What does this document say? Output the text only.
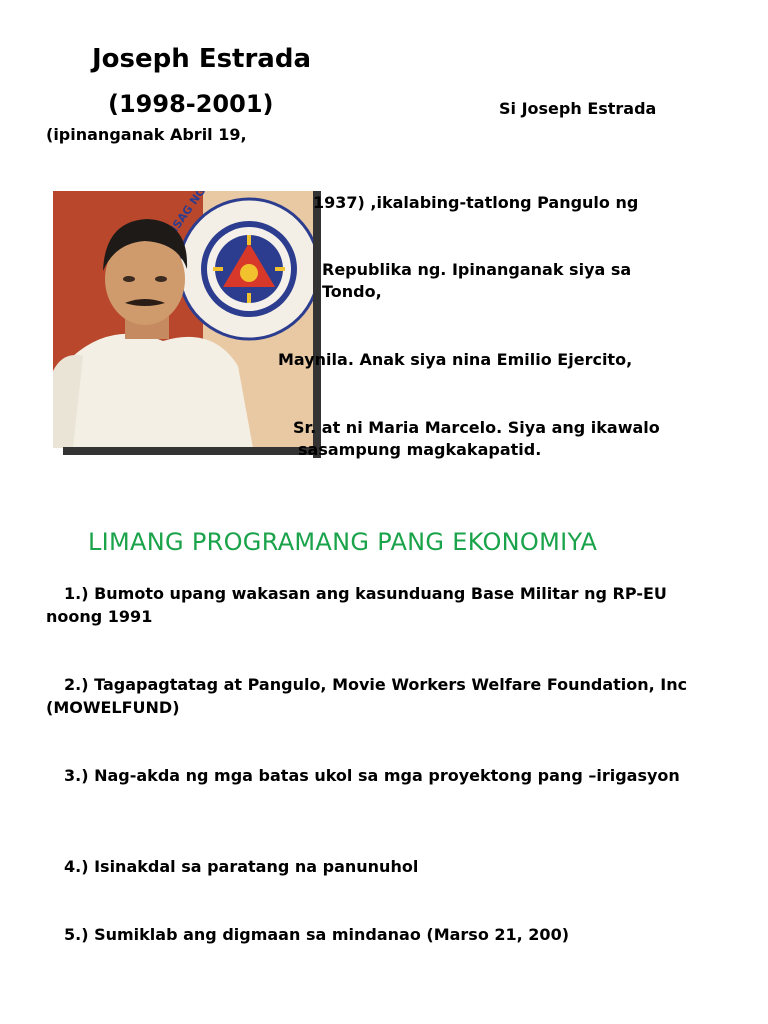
Joseph Estrada
(1998-2001)	Si Joseph Estrada
(ipinanganak Abril 19,
NG	1937) ,ikalabing-tatlong Pangulo ng
Republika ng. Ipinanganak siya sa
Tondo,
Maynila. Anak siya nina Emilio Ejercito,
Sr. at ni Maria Marcelo. Siya ang ikawalo
sasampung magkakapatid.
LIMANG PROGRAMANG PANG EKONOMIYA
1.) Bumoto upang wakasan ang kasunduang Base Militar ng RP-EU noong 1991
2.) Tagapagtatag at Pangulo, Movie Workers Welfare Foundation, Inc (MOWELFUND)
3.) Nag-akda ng mga batas ukol sa mga proyektong pang –irigasyon
4.) Isinakdal sa paratang na panunuhol
5.) Sumiklab ang digmaan sa mindanao (Marso 21, 200)
